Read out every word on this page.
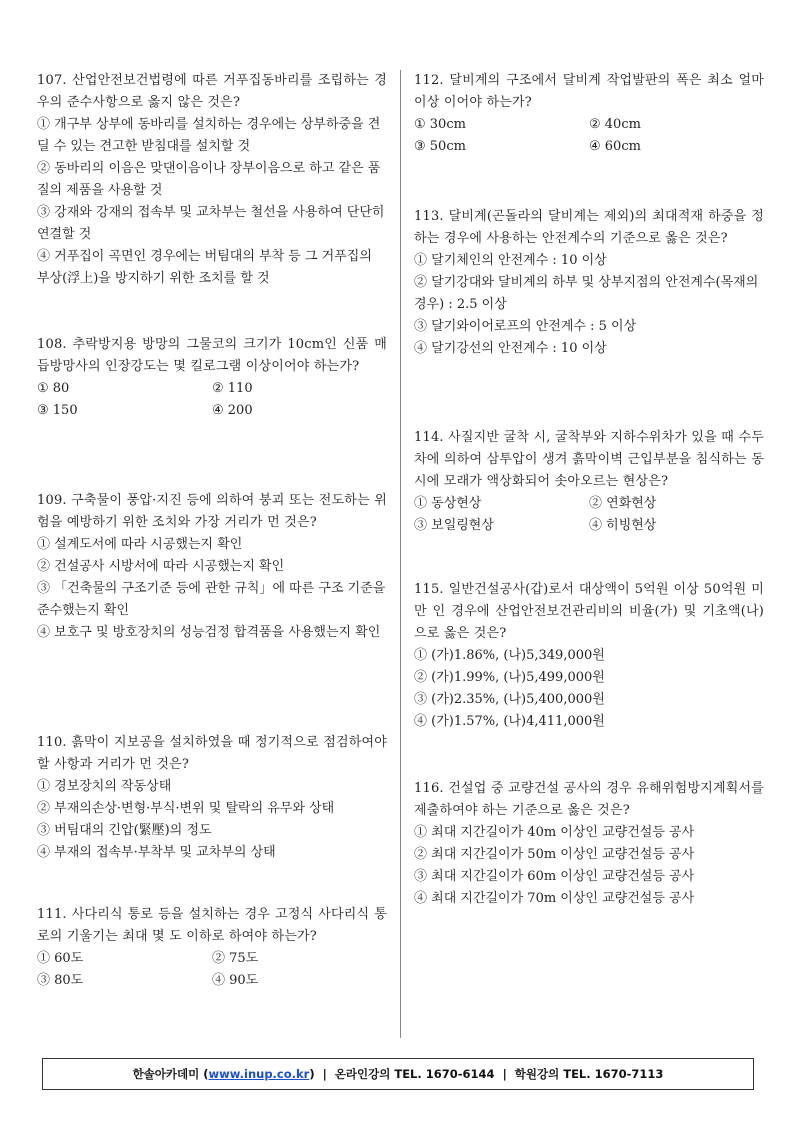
107. 산업안전보건법령에 따른 거푸집동바리를 조립하는 경우의 준수사항으로 옳지 않은 것은?
① 개구부 상부에 동바리를 설치하는 경우에는 상부하중을 견딜 수 있는 견고한 받침대를 설치할 것
② 동바리의 이음은 맞댄이음이나 장부이음으로 하고 같은 품질의 제품을 사용할 것
③ 강재와 강재의 접속부 및 교차부는 철선을 사용하여 단단히 연결할 것
④ 거푸집이 곡면인 경우에는 버팀대의 부착 등 그 거푸집의 부상(浮上)을 방지하기 위한 조치를 할 것
108. 추락방지용 방망의 그물코의 크기가 10cm인 신품 매듭방망사의 인장강도는 몇 킬로그램 이상이어야 하는가?
① 80	② 110
③ 150	④ 200
109. 구축물이 풍압·지진 등에 의하여 붕괴 또는 전도하는 위험을 예방하기 위한 조치와 가장 거리가 먼 것은?
① 설계도서에 따라 시공했는지 확인
② 건설공사 시방서에 따라 시공했는지 확인
③ 「건축물의 구조기준 등에 관한 규칙」에 따른 구조 기준을 준수했는지 확인
④ 보호구 및 방호장치의 성능검정 합격품을 사용했는지 확인
110. 흙막이 지보공을 설치하였을 때 정기적으로 점검하여야할 사항과 거리가 먼 것은?
① 경보장치의 작동상태
② 부재의손상·변형·부식·변위 및 탈락의 유무와 상태
③ 버팀대의 긴압(緊壓)의 정도
④ 부재의 접속부·부착부 및 교차부의 상태
111. 사다리식 통로 등을 설치하는 경우 고정식 사다리식 통로의 기울기는 최대 몇 도 이하로 하여야 하는가?
① 60도	② 75도
③ 80도	④ 90도
112. 달비계의 구조에서 달비계 작업발판의 폭은 최소 얼마 이상 이어야 하는가?
① 30cm	② 40cm
③ 50cm	④ 60cm
113. 달비계(곤돌라의 달비계는 제외)의 최대적재 하중을 정하는 경우에 사용하는 안전계수의 기준으로 옳은 것은?
① 달기체인의 안전계수 : 10 이상
② 달기강대와 달비계의 하부 및 상부지점의 안전계수(목재의 경우) : 2.5 이상
③ 달기와이어로프의 안전계수 : 5 이상
④ 달기강선의 안전계수 : 10 이상
114. 사질지반 굴착 시, 굴착부와 지하수위차가 있을 때 수두차에 의하여 삼투압이 생겨 흙막이벽 근입부분을 침식하는 동시에 모래가 액상화되어 솟아오르는 현상은?
① 동상현상	② 연화현상
③ 보일링현상	④ 히빙현상
115. 일반건설공사(갑)로서 대상액이 5억원 이상 50억원 미만 인 경우에 산업안전보건관리비의 비율(가) 및 기초액(나)으로 옳은 것은?
① (가)1.86%, (나)5,349,000원
② (가)1.99%, (나)5,499,000원
③ (가)2.35%, (나)5,400,000원
④ (가)1.57%, (나)4,411,000원
116. 건설업 중 교량건설 공사의 경우 유해위험방지계획서를 제출하여야 하는 기준으로 옳은 것은?
① 최대 지간길이가 40m 이상인 교량건설등 공사
② 최대 지간길이가 50m 이상인 교량건설등 공사
③ 최대 지간길이가 60m 이상인 교량건설등 공사
④ 최대 지간길이가 70m 이상인 교량건설등 공사
한솔아카데미 (www.inup.co.kr)  |  온라인강의 TEL. 1670-6144  |  학원강의 TEL. 1670-7113
